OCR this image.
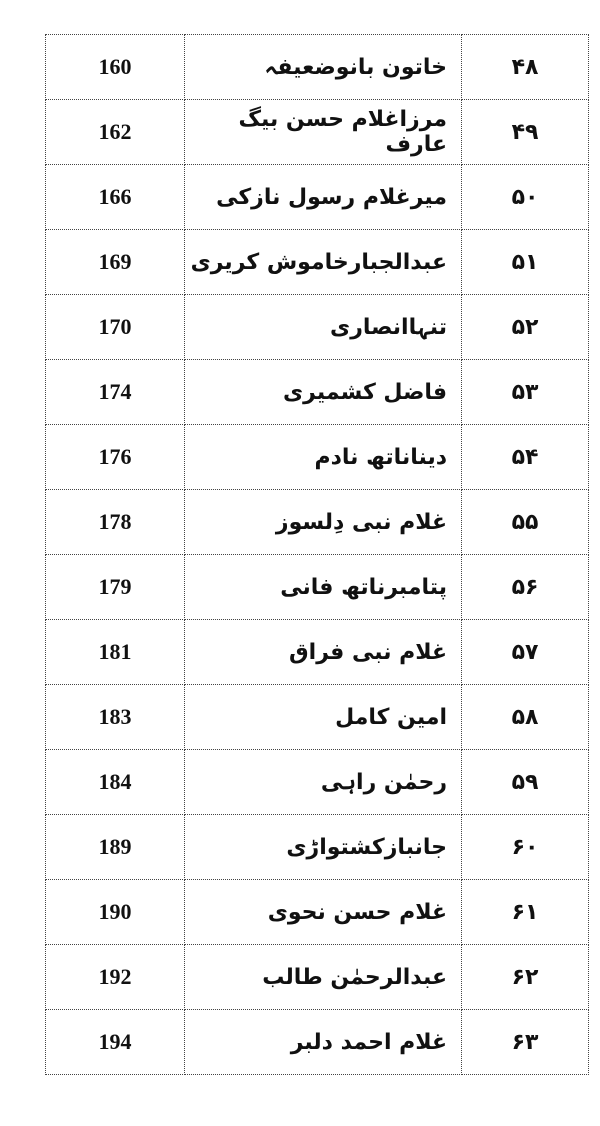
160	خاتون بانوضعیفہ	۴۸
162	مرزاغلام حسن بیگ عارف	۴۹
166	میرغلام رسول نازکی	۵۰
169	عبدالجبارخاموش کریری	۵۱
170	تنہاانصاری	۵۲
174	فاضل کشمیری	۵۳
176	دیناناتھ نادم	۵۴
178	غلام نبی دِلسوز	۵۵
179	پتامبرناتھ فانی	۵۶
181	غلام نبی فراق	۵۷
183	امین کامل	۵۸
184	رحمٰن راہی	۵۹
189	جانبازکشتواڑی	۶۰
190	غلام حسن نحوی	۶۱
192	عبدالرحمٰن طالب	۶۲
194	غلام احمد دلبر	۶۳
